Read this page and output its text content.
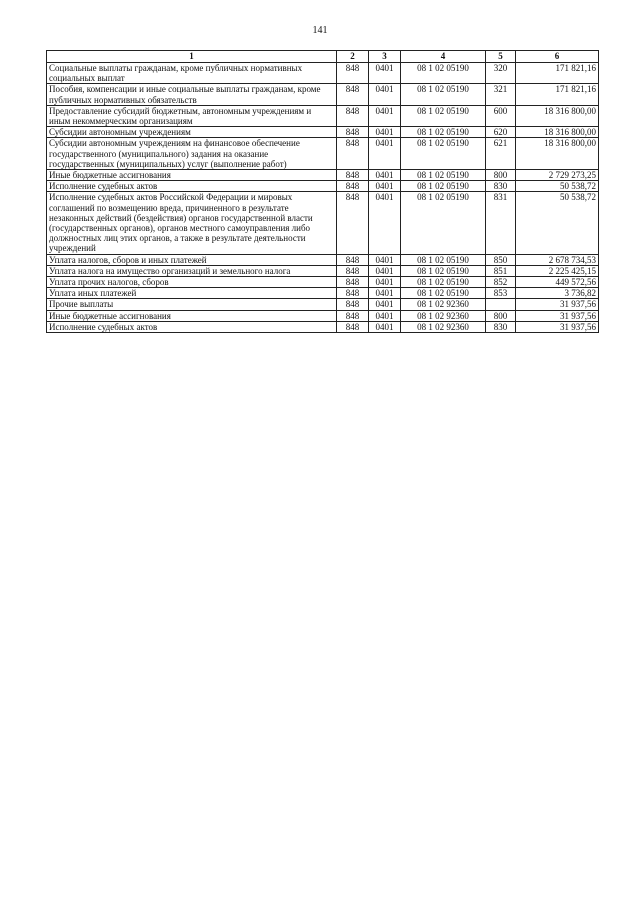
141
1	2	3	4	5	6
Социальные выплаты гражданам, кроме публичных нормативных социальных выплат	848	0401	08 1 02 05190	320	171 821,16
Пособия, компенсации и иные социальные выплаты гражданам, кроме публичных нормативных обязательств	848	0401	08 1 02 05190	321	171 821,16
Предоставление субсидий бюджетным, автономным учреждениям и иным некоммерческим организациям	848	0401	08 1 02 05190	600	18 316 800,00
Субсидии автономным учреждениям	848	0401	08 1 02 05190	620	18 316 800,00
Субсидии автономным учреждениям на финансовое обеспечение государственного (муниципального) задания на оказание государственных (муниципальных) услуг (выполнение работ)	848	0401	08 1 02 05190	621	18 316 800,00
Иные бюджетные ассигнования	848	0401	08 1 02 05190	800	2 729 273,25
Исполнение судебных актов	848	0401	08 1 02 05190	830	50 538,72
Исполнение судебных актов Российской Федерации и мировых соглашений по возмещению вреда, причиненного в результате незаконных действий (бездействия) органов государственной власти (государственных органов), органов местного самоуправления либо должностных лиц этих органов, а также в результате деятельности учреждений	848	0401	08 1 02 05190	831	50 538,72
Уплата налогов, сборов и иных платежей	848	0401	08 1 02 05190	850	2 678 734,53
Уплата налога на имущество организаций и земельного налога	848	0401	08 1 02 05190	851	2 225 425,15
Уплата прочих налогов, сборов	848	0401	08 1 02 05190	852	449 572,56
Уплата иных платежей	848	0401	08 1 02 05190	853	3 736,82
Прочие выплаты	848	0401	08 1 02 92360		31 937,56
Иные бюджетные ассигнования	848	0401	08 1 02 92360	800	31 937,56
Исполнение судебных актов	848	0401	08 1 02 92360	830	31 937,56
